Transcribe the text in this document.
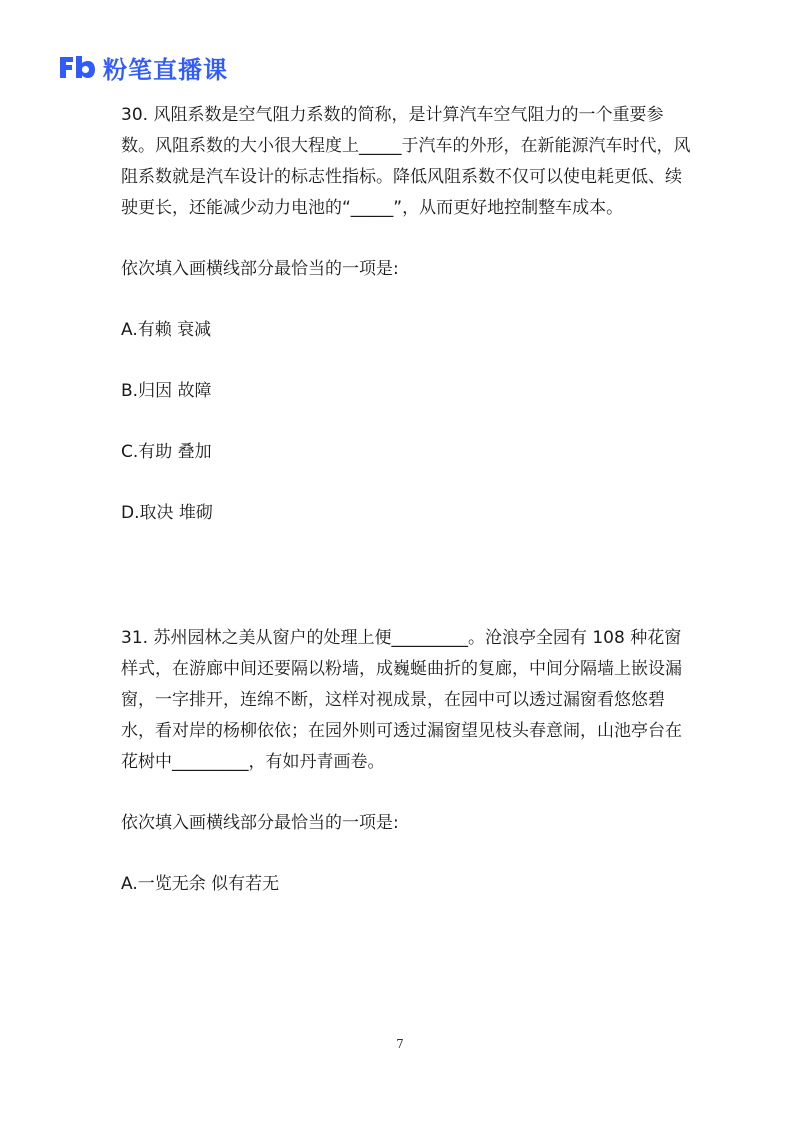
粉笔直播课

30. 风阻系数是空气阻力系数的简称，是计算汽车空气阻力的一个重要参数。风阻系数的大小很大程度上_____于汽车的外形，在新能源汽车时代，风阻系数就是汽车设计的标志性指标。降低风阻系数不仅可以使电耗更低、续驶更长，还能减少动力电池的“_____”，从而更好地控制整车成本。

依次填入画横线部分最恰当的一项是:
A.有赖 衰减
B.归因 故障
C.有助 叠加
D.取决 堆砌

31. 苏州园林之美从窗户的处理上便_________。沧浪亭全园有 108 种花窗样式，在游廊中间还要隔以粉墙，成巍蜒曲折的复廊，中间分隔墙上嵌设漏窗，一字排开，连绵不断，这样对视成景，在园中可以透过漏窗看悠悠碧水，看对岸的杨柳依依；在园外则可透过漏窗望见枝头春意闹，山池亭台在花树中_________，有如丹青画卷。

依次填入画横线部分最恰当的一项是:
A.一览无余 似有若无
7
